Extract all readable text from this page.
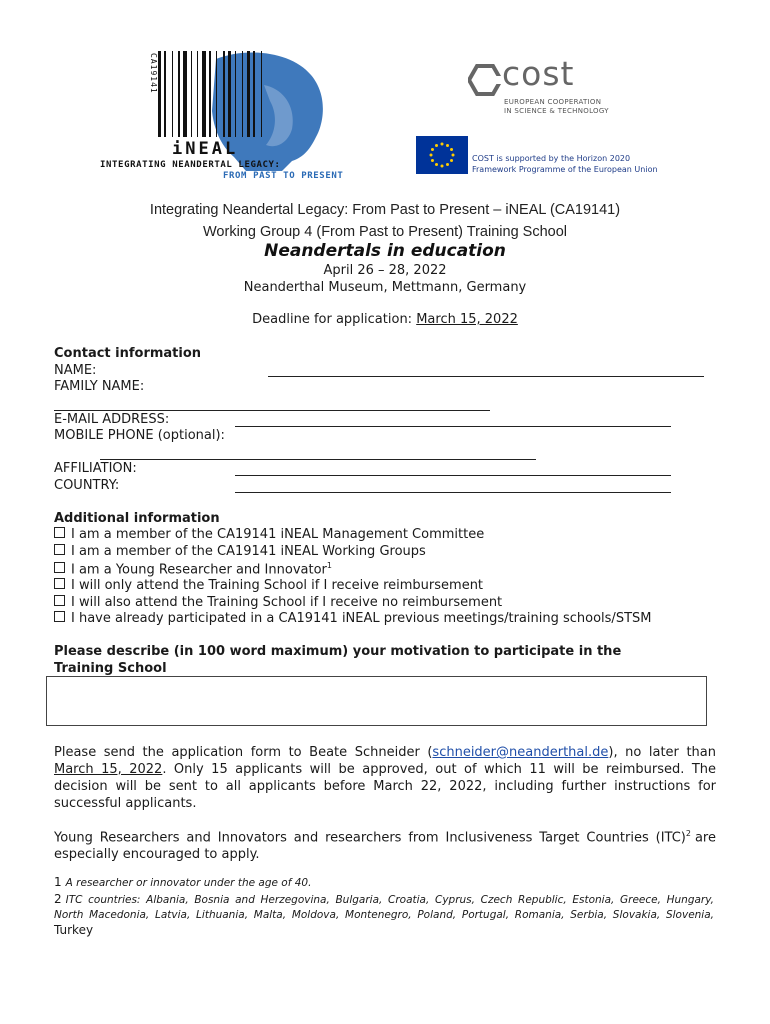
CA19141
iNEAL
INTEGRATING NEANDERTAL LEGACY:
FROM PAST TO PRESENT
cost
EUROPEAN COOPERATION
IN SCIENCE & TECHNOLOGY
COST is supported by the Horizon 2020
Framework Programme of the European Union
Integrating Neandertal Legacy: From Past to Present – iNEAL (CA19141)
Working Group 4 (From Past to Present) Training School
Neandertals in education
April 26 – 28, 2022
Neanderthal Museum, Mettmann, Germany
Deadline for application: March 15, 2022
Contact information
NAME:
FAMILY NAME:
E-MAIL ADDRESS:
MOBILE PHONE (optional):
AFFILIATION:
COUNTRY:
Additional information
I am a member of the CA19141 iNEAL Management Committee
I am a member of the CA19141 iNEAL Working Groups
I am a Young Researcher and Innovator$^1$
I will only attend the Training School if I receive reimbursement
I will also attend the Training School if I receive no reimbursement
I have already participated in a CA19141 iNEAL previous meetings/training schools/STSM
Please describe (in 100 word maximum) your motivation to participate in the
Training School
Please send the application form to Beate Schneider (schneider@neanderthal.de), no later than March 15, 2022. Only 15 applicants will be approved, out of which 11 will be reimbursed. The decision will be sent to all applicants before March 22, 2022, including further instructions for successful applicants.
Young Researchers and Innovators and researchers from Inclusiveness Target Countries (ITC)$^2$ are especially encouraged to apply.
1 A researcher or innovator under the age of 40.
2 ITC countries: Albania, Bosnia and Herzegovina, Bulgaria, Croatia, Cyprus, Czech Republic, Estonia, Greece, Hungary, North Macedonia, Latvia, Lithuania, Malta, Moldova, Montenegro, Poland, Portugal, Romania, Serbia, Slovakia, Slovenia, Turkey
